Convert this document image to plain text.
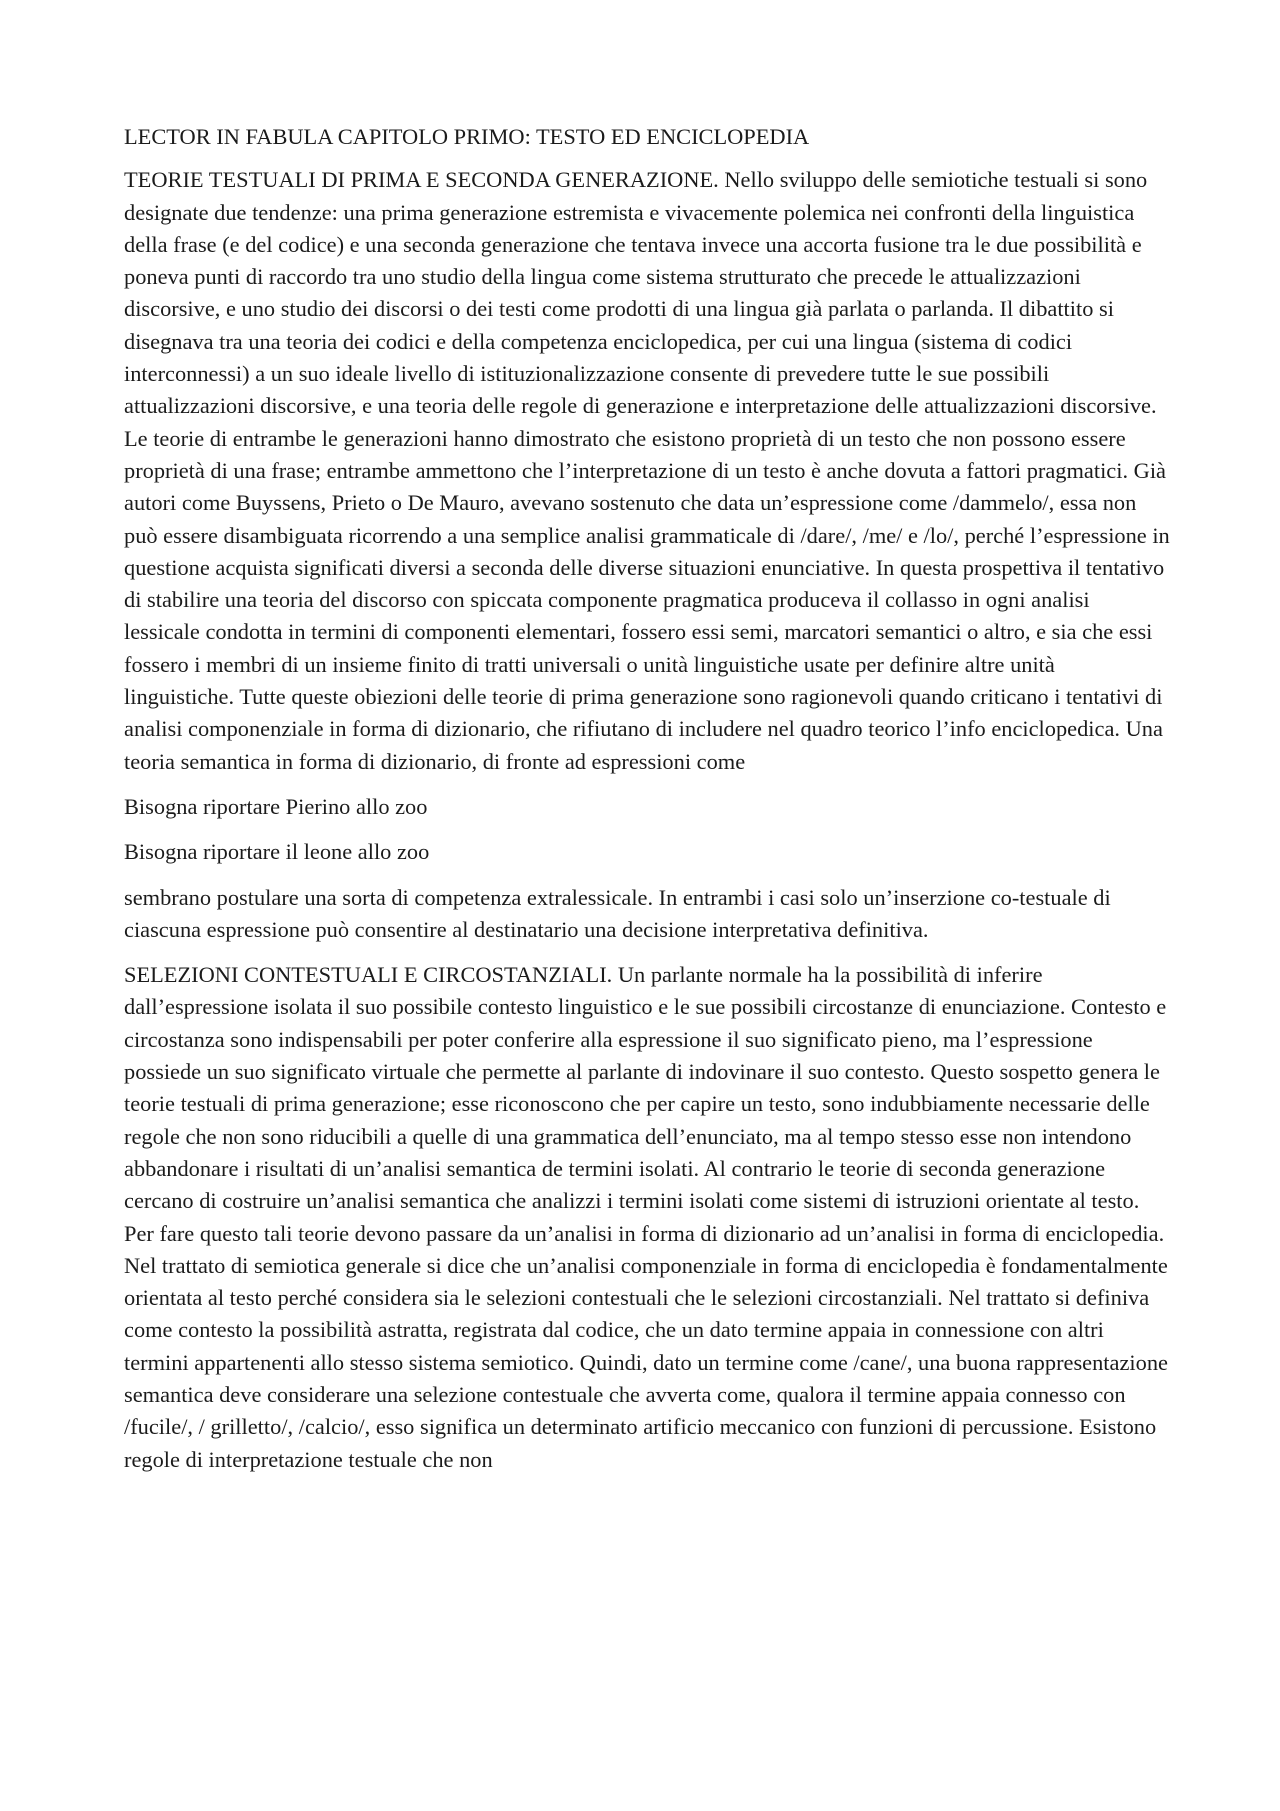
LECTOR IN FABULA CAPITOLO PRIMO: TESTO ED ENCICLOPEDIA

TEORIE TESTUALI DI PRIMA E SECONDA GENERAZIONE. Nello sviluppo delle semiotiche testuali si sono designate due tendenze: una prima generazione estremista e vivacemente polemica nei confronti della linguistica della frase (e del codice) e una seconda generazione che tentava invece una accorta fusione tra le due possibilità e poneva punti di raccordo tra uno studio della lingua come sistema strutturato che precede le attualizzazioni discorsive, e uno studio dei discorsi o dei testi come prodotti di una lingua già parlata o parlanda. Il dibattito si disegnava tra una teoria dei codici e della competenza enciclopedica, per cui una lingua (sistema di codici interconnessi) a un suo ideale livello di istituzionalizzazione consente di prevedere tutte le sue possibili attualizzazioni discorsive, e una teoria delle regole di generazione e interpretazione delle attualizzazioni discorsive. Le teorie di entrambe le generazioni hanno dimostrato che esistono proprietà di un testo che non possono essere proprietà di una frase; entrambe ammettono che l’interpretazione di un testo è anche dovuta a fattori pragmatici. Già autori come Buyssens, Prieto o De Mauro, avevano sostenuto che data un’espressione come /dammelo/, essa non può essere disambiguata ricorrendo a una semplice analisi grammaticale di /dare/, /me/ e /lo/, perché l’espressione in questione acquista significati diversi a seconda delle diverse situazioni enunciative. In questa prospettiva il tentativo di stabilire una teoria del discorso con spiccata componente pragmatica produceva il collasso in ogni analisi lessicale condotta in termini di componenti elementari, fossero essi semi, marcatori semantici o altro, e sia che essi fossero i membri di un insieme finito di tratti universali o unità linguistiche usate per definire altre unità linguistiche. Tutte queste obiezioni delle teorie di prima generazione sono ragionevoli quando criticano i tentativi di analisi componenziale in forma di dizionario, che rifiutano di includere nel quadro teorico l’info enciclopedica. Una teoria semantica in forma di dizionario, di fronte ad espressioni come

Bisogna riportare Pierino allo zoo

Bisogna riportare il leone allo zoo

sembrano postulare una sorta di competenza extralessicale. In entrambi i casi solo un’inserzione co-testuale di ciascuna espressione può consentire al destinatario una decisione interpretativa definitiva.

SELEZIONI CONTESTUALI E CIRCOSTANZIALI. Un parlante normale ha la possibilità di inferire dall’espressione isolata il suo possibile contesto linguistico e le sue possibili circostanze di enunciazione. Contesto e circostanza sono indispensabili per poter conferire alla espressione il suo significato pieno, ma l’espressione possiede un suo significato virtuale che permette al parlante di indovinare il suo contesto. Questo sospetto genera le teorie testuali di prima generazione; esse riconoscono che per capire un testo, sono indubbiamente necessarie delle regole che non sono riducibili a quelle di una grammatica dell’enunciato, ma al tempo stesso esse non intendono abbandonare i risultati di un’analisi semantica de termini isolati. Al contrario le teorie di seconda generazione cercano di costruire un’analisi semantica che analizzi i termini isolati come sistemi di istruzioni orientate al testo. Per fare questo tali teorie devono passare da un’analisi in forma di dizionario ad un’analisi in forma di enciclopedia. Nel trattato di semiotica generale si dice che un’analisi componenziale in forma di enciclopedia è fondamentalmente orientata al testo perché considera sia le selezioni contestuali che le selezioni circostanziali. Nel trattato si definiva come contesto la possibilità astratta, registrata dal codice, che un dato termine appaia in connessione con altri termini appartenenti allo stesso sistema semiotico. Quindi, dato un termine come /cane/, una buona rappresentazione semantica deve considerare una selezione contestuale che avverta come, qualora il termine appaia connesso con /fucile/, / grilletto/, /calcio/, esso significa un determinato artificio meccanico con funzioni di percussione. Esistono regole di interpretazione testuale che non
